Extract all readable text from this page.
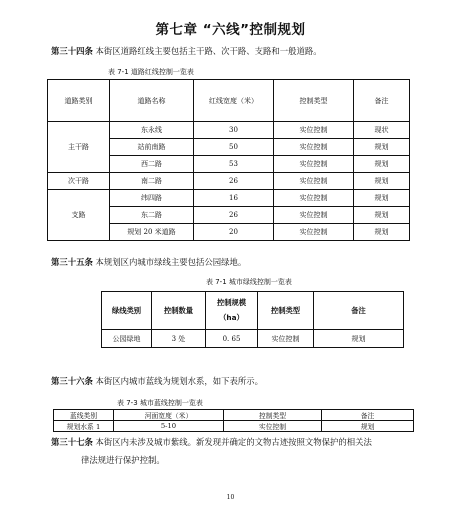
第七章 “六线”控制规划
第三十四条 本街区道路红线主要包括主干路、次干路、支路和一般道路。
表 7-1 道路红线控制一览表
道路类别	道路名称	红线宽度（米）	控制类型	备注
主干路	东永线	30	实位控制	现状
	站前南路	50	实位控制	规划
	西二路	53	实位控制	规划
次干路	南二路	26	实位控制	规划
支路	纬四路	16	实位控制	规划
	东二路	26	实位控制	规划
	规划 20 米道路	20	实位控制	规划
第三十五条 本规划区内城市绿线主要包括公园绿地。
表 7-1 城市绿线控制一览表
绿线类别	控制数量	控制规模
（ha）	控制类型	备注
公园绿地	3 处	0. 65	实位控制	规划
第三十六条 本街区内城市蓝线为规划水系，如下表所示。
表 7-3 城市蓝线控制一览表
蓝线类别	河面宽度（米）	控制类型	备注
规划水系 1	5-10	实位控制	规划
第三十七条 本街区内未涉及城市紫线。新发现并确定的文物古迹按照文物保护的相关法
律法规进行保护控制。
10
